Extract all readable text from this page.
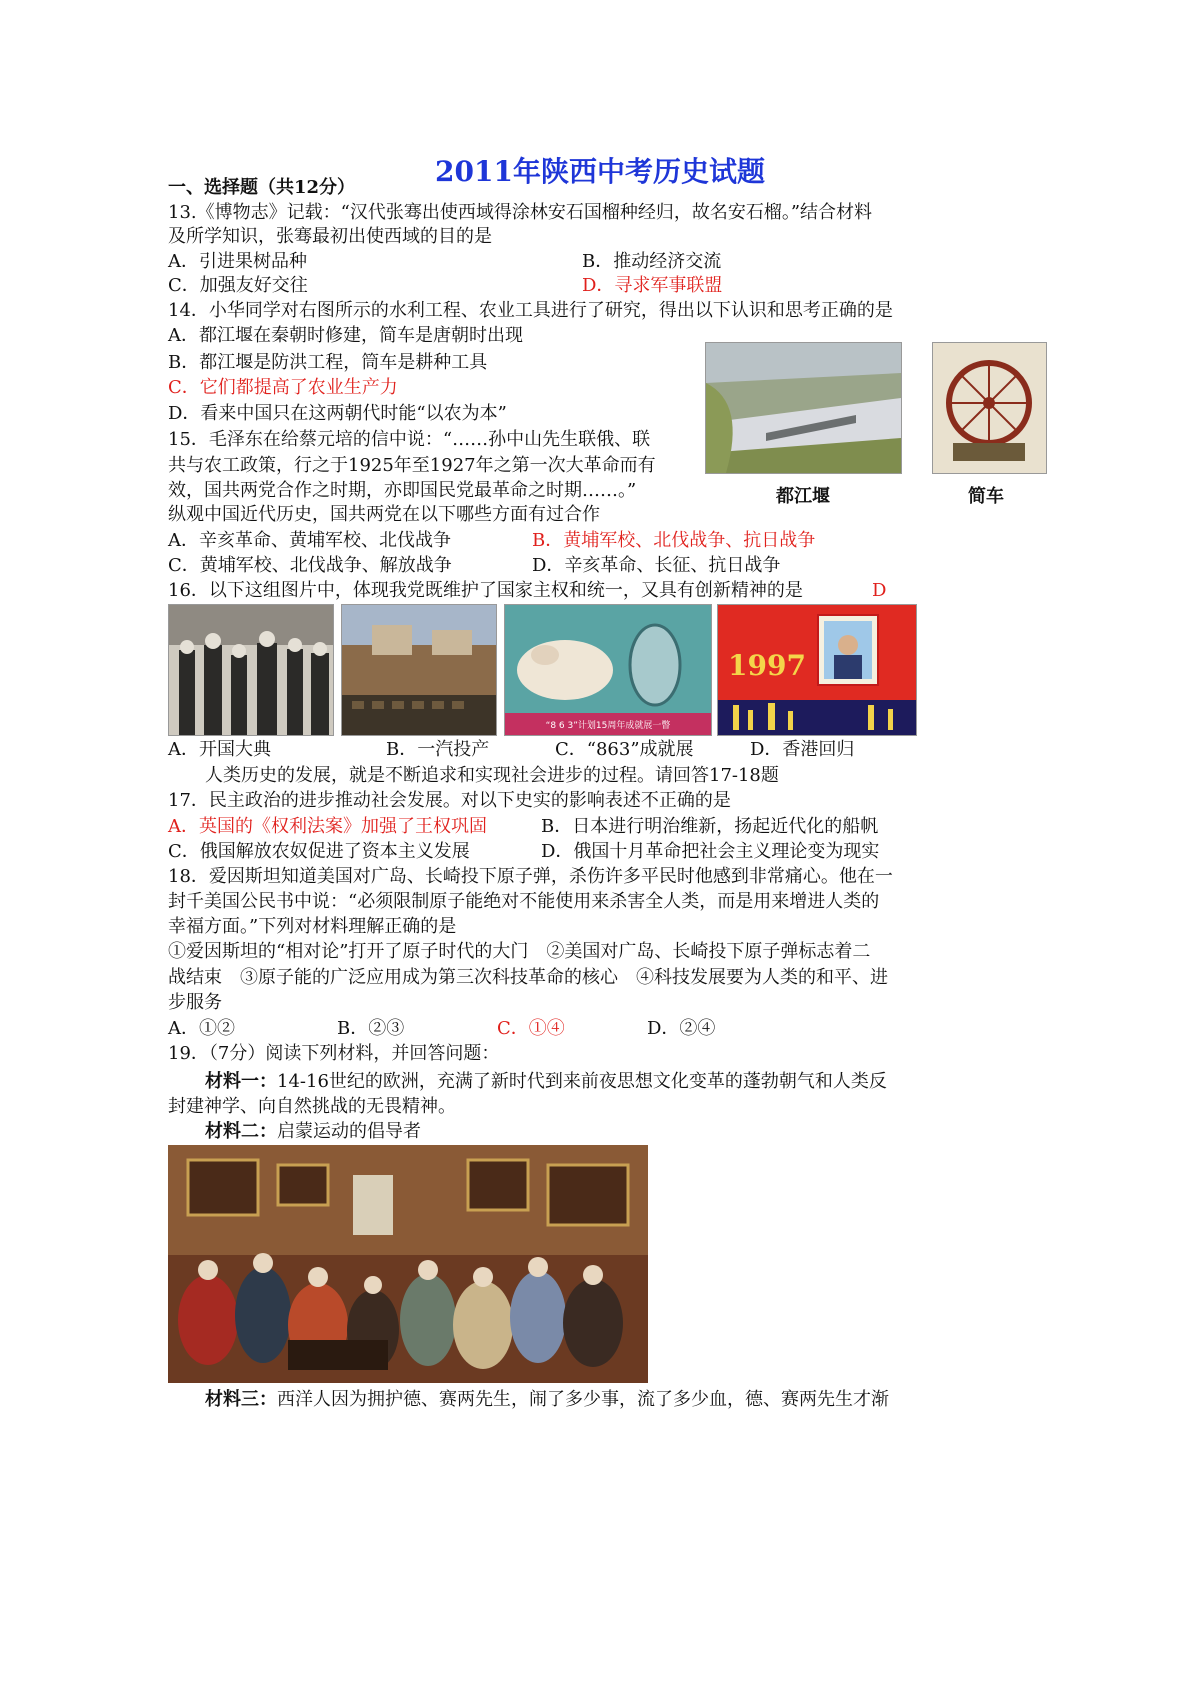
2011年陕西中考历史试题
一、选择题（共12分）
13.《博物志》记载：“汉代张骞出使西域得涂林安石国榴种经归，故名安石榴。”结合材料
及所学知识，张骞最初出使西域的目的是
A．引进果树品种	B．推动经济交流
C．加强友好交往	D．寻求军事联盟
14．小华同学对右图所示的水利工程、农业工具进行了研究，得出以下认识和思考正确的是
A．都江堰在秦朝时修建，简车是唐朝时出现
B．都江堰是防洪工程，筒车是耕种工具
C．它们都提高了农业生产力
D．看来中国只在这两朝代时能“以农为本”
都江堰	简车
15．毛泽东在给蔡元培的信中说：“……孙中山先生联俄、联
共与农工政策，行之于1925年至1927年之第一次大革命而有
效，国共两党合作之时期，亦即国民党最革命之时期……。”
纵观中国近代历史，国共两党在以下哪些方面有过合作
A．辛亥革命、黄埔军校、北伐战争	B．黄埔军校、北伐战争、抗日战争
C．黄埔军校、北伐战争、解放战争	D．辛亥革命、长征、抗日战争
16．以下这组图片中，体现我党既维护了国家主权和统一，又具有创新精神的是	D
“8 6 3”计划15周年成就展一瞥
1997
A．开国大典	B．一汽投产	C．“863”成就展	D．香港回归
人类历史的发展，就是不断追求和实现社会进步的过程。请回答17-18题
17．民主政治的进步推动社会发展。对以下史实的影响表述不正确的是
A．英国的《权利法案》加强了王权巩固	B．日本进行明治维新，扬起近代化的船帆
C．俄国解放农奴促进了资本主义发展	D．俄国十月革命把社会主义理论变为现实
18．爱因斯坦知道美国对广岛、长崎投下原子弹，杀伤许多平民时他感到非常痛心。他在一
封千美国公民书中说：“必须限制原子能绝对不能使用来杀害全人类，而是用来增进人类的
幸福方面。”下列对材料理解正确的是
①爱因斯坦的“相对论”打开了原子时代的大门　②美国对广岛、长崎投下原子弹标志着二
战结束　③原子能的广泛应用成为第三次科技革命的核心　④科技发展要为人类的和平、进
步服务
A．①②	B．②③	C．①④	D．②④
19．（7分）阅读下列材料，并回答问题：
材料一：14-16世纪的欧洲，充满了新时代到来前夜思想文化变革的蓬勃朝气和人类反
封建神学、向自然挑战的无畏精神。
材料二：启蒙运动的倡导者
材料三：西洋人因为拥护德、赛两先生，闹了多少事，流了多少血，德、赛两先生才渐
